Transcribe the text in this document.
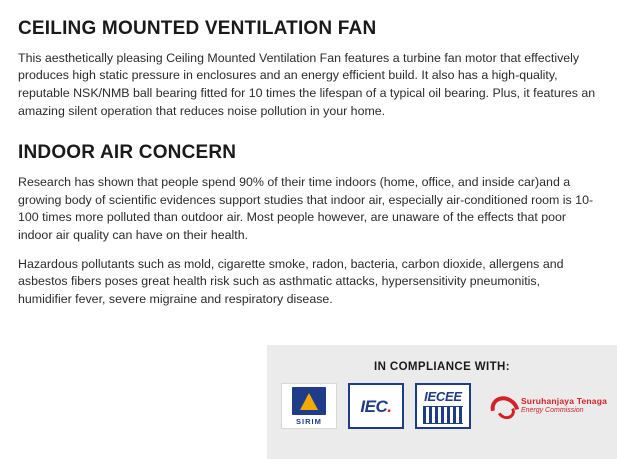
CEILING MOUNTED VENTILATION FAN

This aesthetically pleasing Ceiling Mounted Ventilation Fan features a turbine fan motor that effectively produces high static pressure in enclosures and an energy efficient build. It also has a high-quality, reputable NSK/NMB ball bearing fitted for 10 times the lifespan of a typical oil bearing. Plus, it features an amazing silent operation that reduces noise pollution in your home.

INDOOR AIR CONCERN

Research has shown that people spend 90% of their time indoors (home, office, and inside car)and a growing body of scientific evidences support studies that indoor air, especially air-conditioned room is 10-100 times more polluted than outdoor air. Most people however, are unaware of the effects that poor indoor air quality can have on their health.

Hazardous pollutants such as mold, cigarette smoke, radon, bacteria, carbon dioxide, allergens and asbestos fibers poses great health risk such as asthmatic attacks, hypersensitivity pneumonitis, humidifier fever, severe migraine and respiratory disease.

IN COMPLIANCE WITH:
SIRIM
IEC.	IECEE	Suruhanjaya Tenaga
Energy Commission
